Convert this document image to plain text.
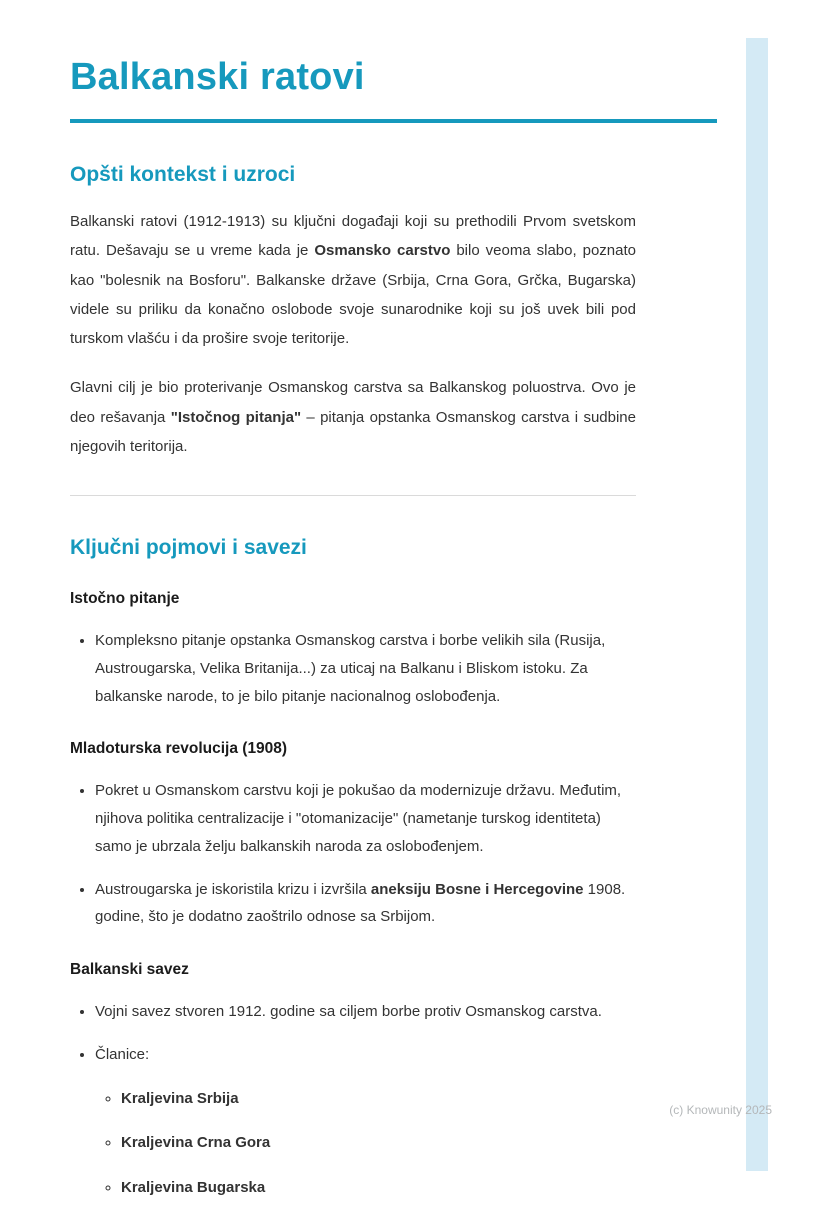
Balkanski ratovi
Opšti kontekst i uzroci

Balkanski ratovi (1912-1913) su ključni događaji koji su prethodili Prvom svetskom ratu. Dešavaju se u vreme kada je Osmansko carstvo bilo veoma slabo, poznato kao "bolesnik na Bosforu". Balkanske države (Srbija, Crna Gora, Grčka, Bugarska) videle su priliku da konačno oslobode svoje sunarodnike koji su još uvek bili pod turskom vlašću i da prošire svoje teritorije.

Glavni cilj je bio proterivanje Osmanskog carstva sa Balkanskog poluostrva. Ovo je deo rešavanja "Istočnog pitanja" – pitanja opstanka Osmanskog carstva i sudbine njegovih teritorija.

Ključni pojmovi i savezi
Istočno pitanje
• Kompleksno pitanje opstanka Osmanskog carstva i borbe velikih sila (Rusija, Austrougarska, Velika Britanija...) za uticaj na Balkanu i Bliskom istoku. Za balkanske narode, to je bilo pitanje nacionalnog oslobođenja.
Mladoturska revolucija (1908)
• Pokret u Osmanskom carstvu koji je pokušao da modernizuje državu. Međutim, njihova politika centralizacije i "otomanizacije" (nametanje turskog identiteta) samo je ubrzala želju balkanskih naroda za oslobođenjem.
• Austrougarska je iskoristila krizu i izvršila aneksiju Bosne i Hercegovine 1908. godine, što je dodatno zaoštrilo odnose sa Srbijom.
Balkanski savez
• Vojni savez stvoren 1912. godine sa ciljem borbe protiv Osmanskog carstva.
• Članice:
◦ Kraljevina Srbija
◦ Kraljevina Crna Gora
◦ Kraljevina Bugarska
(c) Knowunity 2025
